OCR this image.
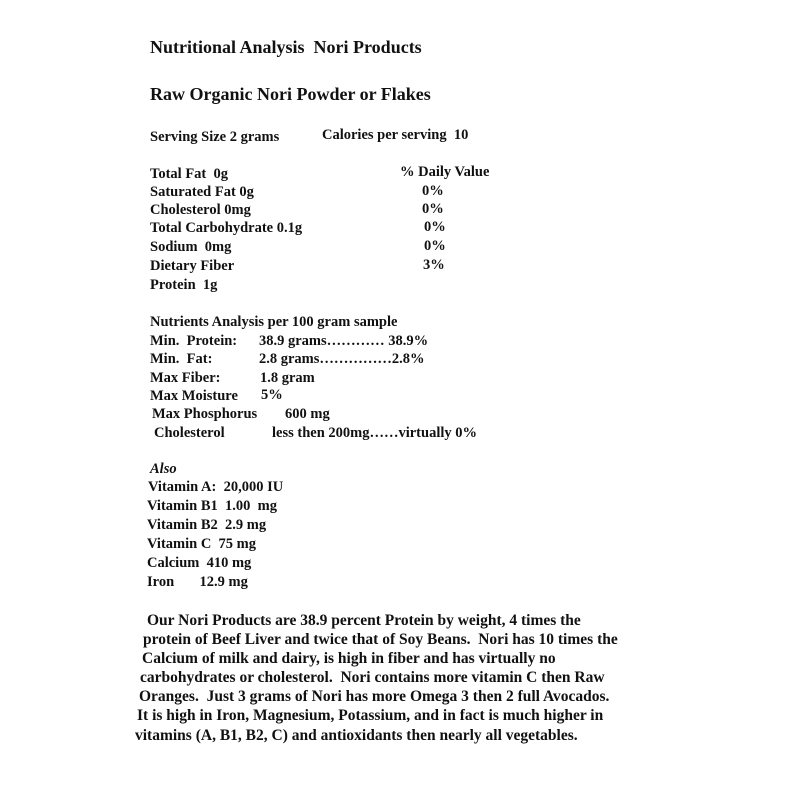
Nutritional Analysis  Nori Products
Raw Organic Nori Powder or Flakes
Serving Size 2 grams	Calories per serving  10
% Daily Value
Total Fat  0g
Saturated Fat 0g	0%
Cholesterol 0mg	0%
Total Carbohydrate 0.1g	0%
Sodium  0mg	0%
Dietary Fiber	3%
Protein  1g
Nutrients Analysis per 100 gram sample
Min.  Protein: 38.9 grams………… 38.9%
Min.  Fat:	2.8 grams……………2.8%
Max Fiber:	1.8 gram
Max Moisture 5%
Max Phosphorus 600 mg
Cholesterol	less then 200mg……virtually 0%
Also
Vitamin A:  20,000 IU
Vitamin B1  1.00  mg
Vitamin B2  2.9 mg
Vitamin C  75 mg
Calcium  410 mg
Iron       12.9 mg
Our Nori Products are 38.9 percent Protein by weight, 4 times the
protein of Beef Liver and twice that of Soy Beans.  Nori has 10 times the
Calcium of milk and dairy, is high in fiber and has virtually no
carbohydrates or cholesterol.  Nori contains more vitamin C then Raw
Oranges.  Just 3 grams of Nori has more Omega 3 then 2 full Avocados.
It is high in Iron, Magnesium, Potassium, and in fact is much higher in
vitamins (A, B1, B2, C) and antioxidants then nearly all vegetables.
